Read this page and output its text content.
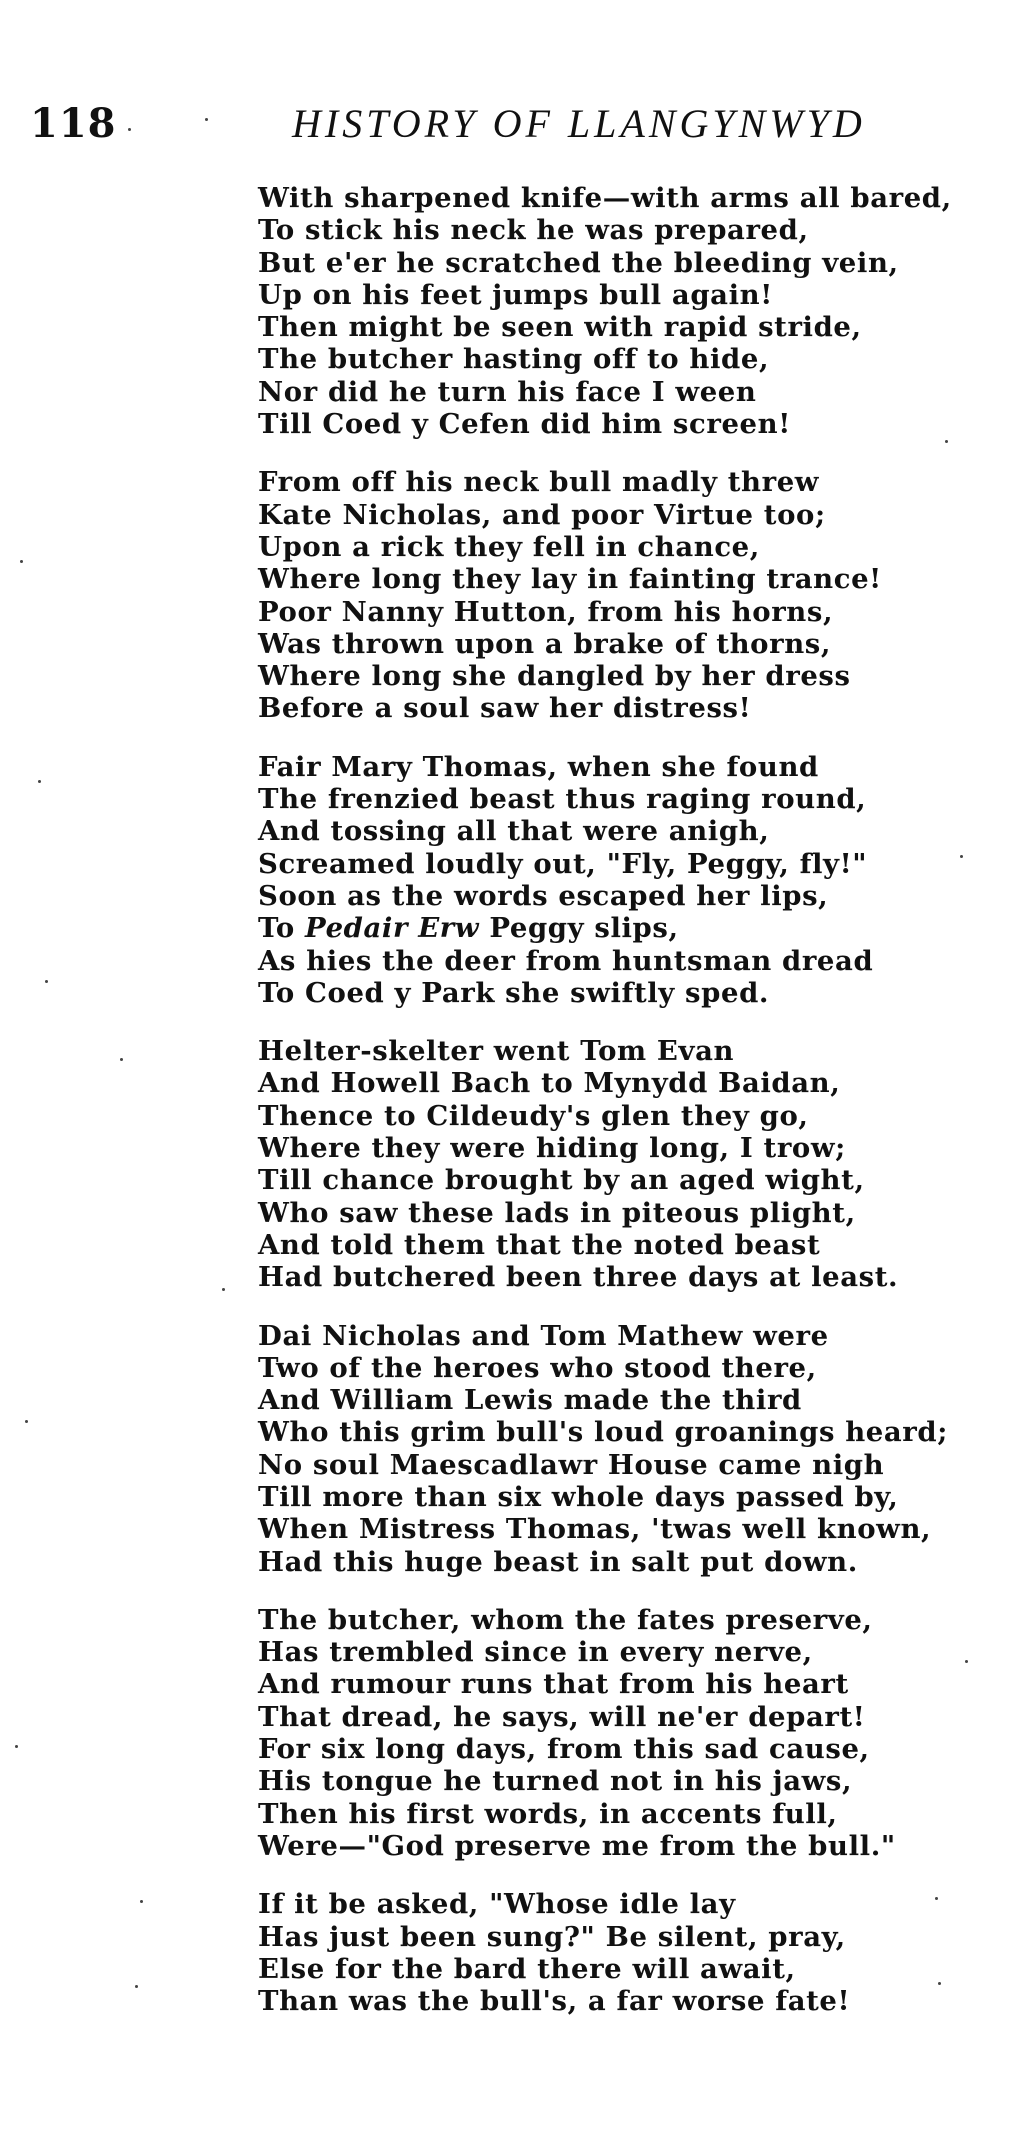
118	HISTORY OF LLANGYNWYD
With sharpened knife—with arms all bared,
To stick his neck he was prepared,
But e'er he scratched the bleeding vein,
Up on his feet jumps bull again!
Then might be seen with rapid stride,
The butcher hasting off to hide,
Nor did he turn his face I ween
Till Coed y Cefen did him screen!
From off his neck bull madly threw
Kate Nicholas, and poor Virtue too;
Upon a rick they fell in chance,
Where long they lay in fainting trance!
Poor Nanny Hutton, from his horns,
Was thrown upon a brake of thorns,
Where long she dangled by her dress
Before a soul saw her distress!
Fair Mary Thomas, when she found
The frenzied beast thus raging round,
And tossing all that were anigh,
Screamed loudly out, "Fly, Peggy, fly!"
Soon as the words escaped her lips,
To Pedair Erw Peggy slips,
As hies the deer from huntsman dread
To Coed y Park she swiftly sped.
Helter-skelter went Tom Evan
And Howell Bach to Mynydd Baidan,
Thence to Cildeudy's glen they go,
Where they were hiding long, I trow;
Till chance brought by an aged wight,
Who saw these lads in piteous plight,
And told them that the noted beast
Had butchered been three days at least.
Dai Nicholas and Tom Mathew were
Two of the heroes who stood there,
And William Lewis made the third
Who this grim bull's loud groanings heard;
No soul Maescadlawr House came nigh
Till more than six whole days passed by,
When Mistress Thomas, 'twas well known,
Had this huge beast in salt put down.
The butcher, whom the fates preserve,
Has trembled since in every nerve,
And rumour runs that from his heart
That dread, he says, will ne'er depart!
For six long days, from this sad cause,
His tongue he turned not in his jaws,
Then his first words, in accents full,
Were—"God preserve me from the bull."
If it be asked, "Whose idle lay
Has just been sung?" Be silent, pray,
Else for the bard there will await,
Than was the bull's, a far worse fate!
